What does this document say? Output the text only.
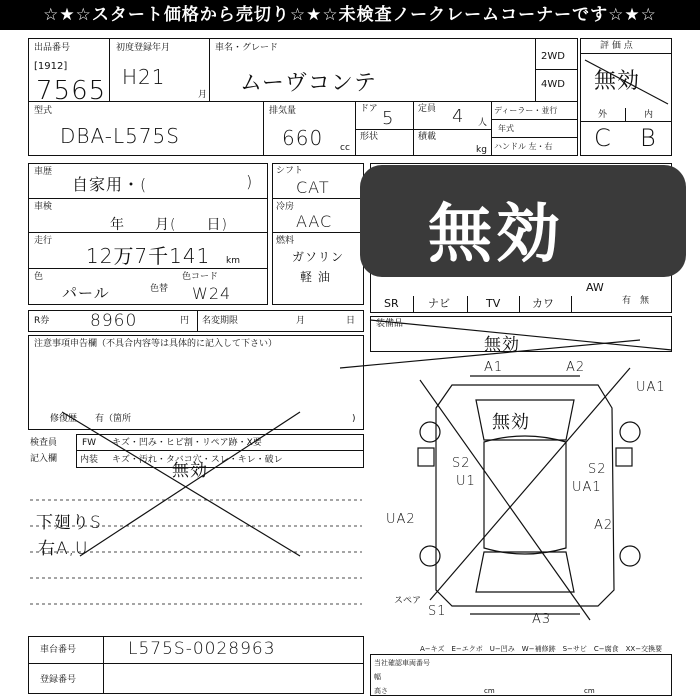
☆★☆スタート価格から売切り☆★☆未検査ノークレームコーナーです☆★☆
出品番号
[1912]
7565
初度登録年月
H21
月
車名・グレード
ムーヴコンテ
2WD
4WD
型式
DBA-L575S
排気量
660 cc
ドア 5	定員 4 人
形状	積載
kg
ディーラー・並行
年式
ハンドル 左・右
評 価 点
無効
外	内
C B
車歴
自家用・(	)
車検
年　　月(　　日)
走行
12万7千141 km
色
パール	色替
色コード
W24
シフト
CAT
冷房
AAC
燃料
ガソリン
軽 油
R券 8960	円 名変期限	月	日
注意事項申告欄（不具合内容等は具体的に記入して下さい）
修復歴　　有（箇所	)
無効
SR	ナビ	TV	カワ
AW
有　無
装備品
無効
検査員
記入欄
FW キズ・凹み・ヒビ割・リペア跡・X要
内装 キズ・汚れ・タバコ穴・スレ・キレ・破レ
無効
下廻りS
右A,U
無効
A1	A2
UA1
S2
U1
S2
UA1
UA2	A2
A3
S1
スペア
車台番号	L575S-0028963
登録番号
A−キズ　E−エクボ　U−凹み　W−補修跡　S−サビ　C−腐食　XX−交換要
当社確認車両番号
幅
cm
高さ	cm
